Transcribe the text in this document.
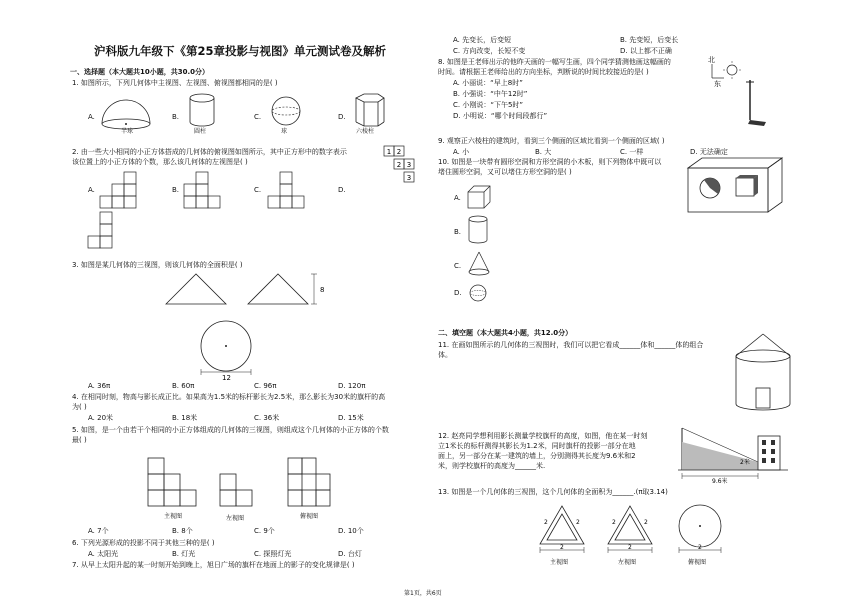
沪科版九年级下《第25章投影与视图》单元测试卷及解析
一、选择题（本大题共10小题，共30.0分）
1. 如图所示，下列几何体中主视图、左视图、俯视图都相同的是( )
A.	B.	C.	D.
半球	圆柱	球	六棱柱
2. 由一些大小相同的小正方体搭成的几何体的俯视图如图所示，其中正方形中的数字表示
该位置上的小正方体的个数，那么该几何体的左视图是( )
1 2
2 3
3
A.	B.	C.	D.
3. 如图是某几何体的三视图，则该几何体的全面积是( )
8
12
A. 36π	B. 60π	C. 96π	D. 120π
4. 在相同时刻，物高与影长成正比。如果高为1.5米的标杆影长为2.5米，那么影长为30米的旗杆的高
为( )
A. 20米	B. 18米	C. 36米	D. 15米
5. 如图，是一个由若干个相同的小正方体组成的几何体的三视图，则组成这个几何体的小正方体的个数
最( )
主视图	左视图	俯视图
A. 7个	B. 8个	C. 9个	D. 10个
6. 下列光源形成的投影不同于其他三种的是( )
A. 太阳光	B. 灯光	C. 探照灯光	D. 台灯
7. 从早上太阳升起的某一时刻开始到晚上，旭日广场的旗杆在地面上的影子的变化规律是( )
A. 先变长，后变短	B. 先变短，后变长
C. 方向改变，长短不变	D. 以上都不正确
8. 如图是王老师出示的他昨天画的一幅写生画，四个同学猜测他画这幅画的
时间。请根据王老师给出的方向坐标，判断说的时间比较接近的是( )
A. 小丽说：“早上8时”
B. 小强说：“中午12时”
C. 小刚说：“下午5时”
D. 小明说：“哪个时间段都行”
北
东
9. 观察正六棱柱的建筑时，看到三个侧面的区域比看到一个侧面的区域( )
A. 小	B. 大	C. 一样	D. 无法确定
10. 如图是一块带有圆形空洞和方形空洞的小木板，则下列物体中既可以
堵住圆形空洞，又可以堵住方形空洞的是( )
A.
B.
C.
D.
二、填空题（本大题共4小题，共12.0分）
11. 在画如图所示的几何体的三视图时，我们可以把它看成______体和______体的组合
体。
12. 赵亮同学想利用影长测量学校旗杆的高度，如图，他在某一时刻
立1米长的标杆测得其影长为1.2米，同时旗杆的投影一部分在地
面上，另一部分在某一建筑的墙上，分别测得其长度为9.6米和2
米，则学校旗杆的高度为______米.	2米
9.6米
13. 如图是一个几何体的三视图，这个几何体的全面积为______.(π取3.14)
2
2	2
主视图
2
2	2
左视图
2
俯视图
第1页，共6页
